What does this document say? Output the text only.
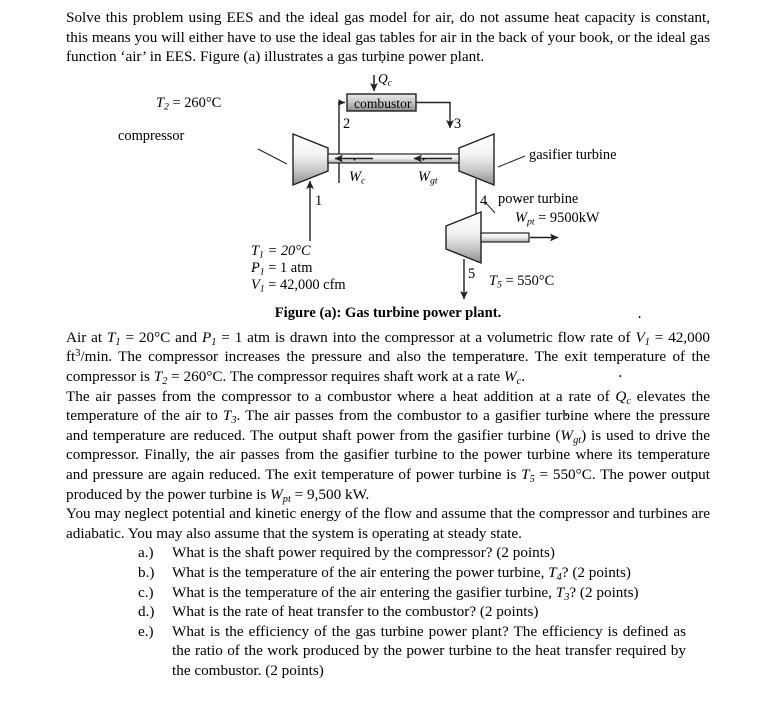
Solve this problem using EES and the ideal gas model for air, do not assume heat capacity is constant, this means you will either have to use the ideal gas tables for air in the back of your book, or the ideal gas function ‘air’ in EES. Figure (a) illustrates a gas turbine power plant.

˙ $Q_c$
combustor
$T_2 = 260^\circ C$
compressor
gasifier turbine
power turbine
2	3
1	4
5
˙ $W_c$	˙ $W_{gt}$
˙ $W_{pt} = 9500kW$
$T_1 = 20^\circ C$
$P_1 = 1$ atm
˙ $V_1 = 42,000$ cfm	$T_5 = 550^\circ C$

Figure (a): Gas turbine power plant.

Air at $T_1 = 20^\circ C$ and $P_1 = 1$ atm is drawn into the compressor at a volumetric flow rate of ˙ $V_1 = 42,000$ $ft^3/\min$. The compressor increases the pressure and also the temperature. The exit temperature of the compressor is $T_2 = 260^\circ C$. The compressor requires shaft work at a rate ˙ $W_c$.

The air passes from the compressor to a combustor where a heat addition at a rate of ˙ $Q_c$ elevates the temperature of the air to $T_3$. The air passes from the combustor to a gasifier turbine where the pressure and temperature are reduced. The output shaft power from the gasifier turbine (˙ $W_{gt}$) is used to drive the compressor. Finally, the air passes from the gasifier turbine to the power turbine where its temperature and pressure are again reduced. The exit temperature of power turbine is $T_5 = 550^\circ C$. The power output produced by the power turbine is ˙ $W_{pt} = 9,500$ kW.

You may neglect potential and kinetic energy of the flow and assume that the compressor and turbines are adiabatic. You may also assume that the system is operating at steady state.

a.) What is the shaft power required by the compressor? (2 points)
b.) What is the temperature of the air entering the power turbine, $T_4$? (2 points)
c.) What is the temperature of the air entering the gasifier turbine, $T_3$? (2 points)
d.) What is the rate of heat transfer to the combustor? (2 points)
e.) What is the efficiency of the gas turbine power plant? The efficiency is defined as the ratio of the work produced by the power turbine to the heat transfer required by the combustor. (2 points)
